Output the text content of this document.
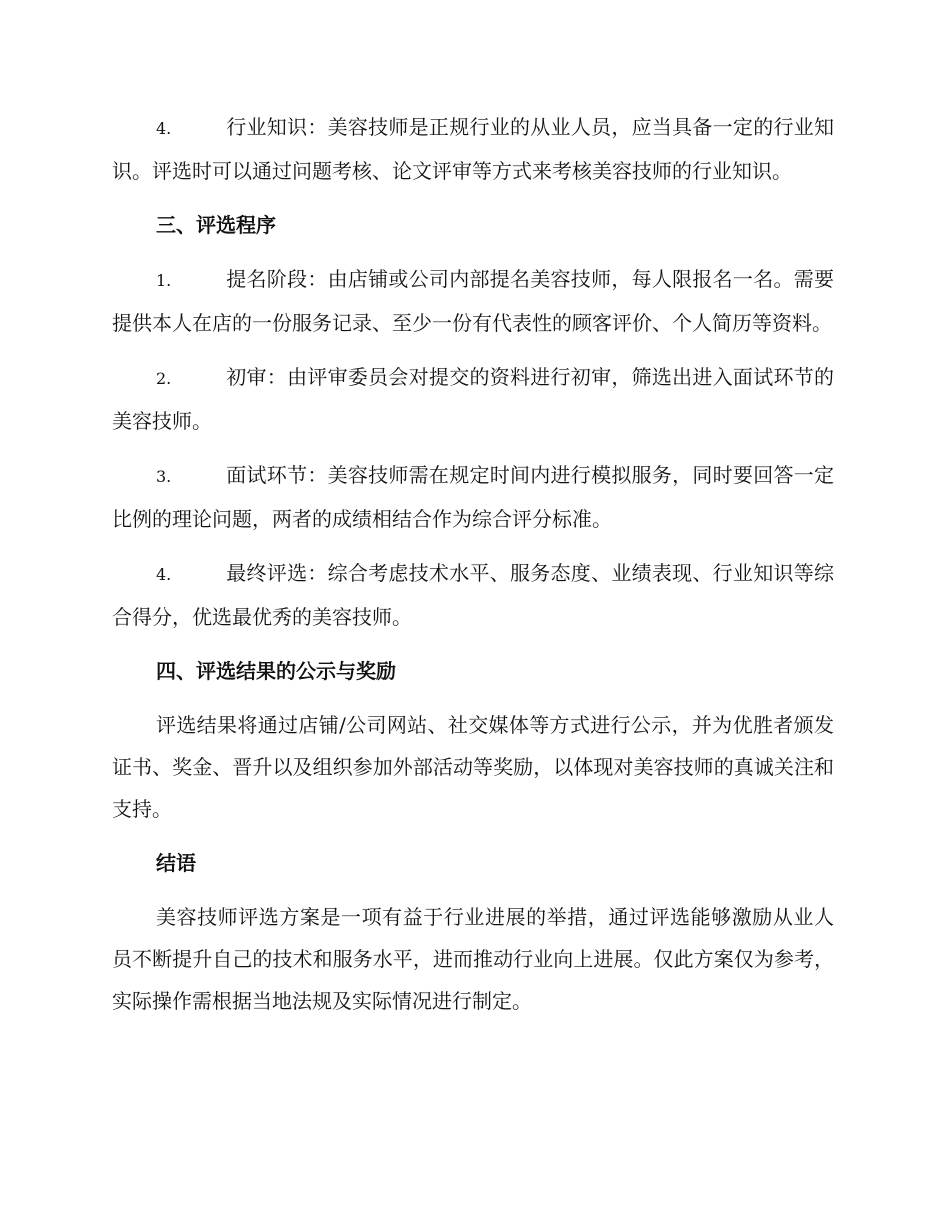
4.	行业知识：美容技师是正规行业的从业人员，应当具备一定的行业知识。评选时可以通过问题考核、论文评审等方式来考核美容技师的行业知识。

三、评选程序

1.	提名阶段：由店铺或公司内部提名美容技师，每人限报名一名。需要提供本人在店的一份服务记录、至少一份有代表性的顾客评价、个人简历等资料。

2.	初审：由评审委员会对提交的资料进行初审，筛选出进入面试环节的美容技师。

3.	面试环节：美容技师需在规定时间内进行模拟服务，同时要回答一定比例的理论问题，两者的成绩相结合作为综合评分标准。

4.	最终评选：综合考虑技术水平、服务态度、业绩表现、行业知识等综合得分，优选最优秀的美容技师。

四、评选结果的公示与奖励

评选结果将通过店铺/公司网站、社交媒体等方式进行公示，并为优胜者颁发证书、奖金、晋升以及组织参加外部活动等奖励，以体现对美容技师的真诚关注和支持。

结语

美容技师评选方案是一项有益于行业进展的举措，通过评选能够激励从业人员不断提升自己的技术和服务水平，进而推动行业向上进展。仅此方案仅为参考，实际操作需根据当地法规及实际情况进行制定。
